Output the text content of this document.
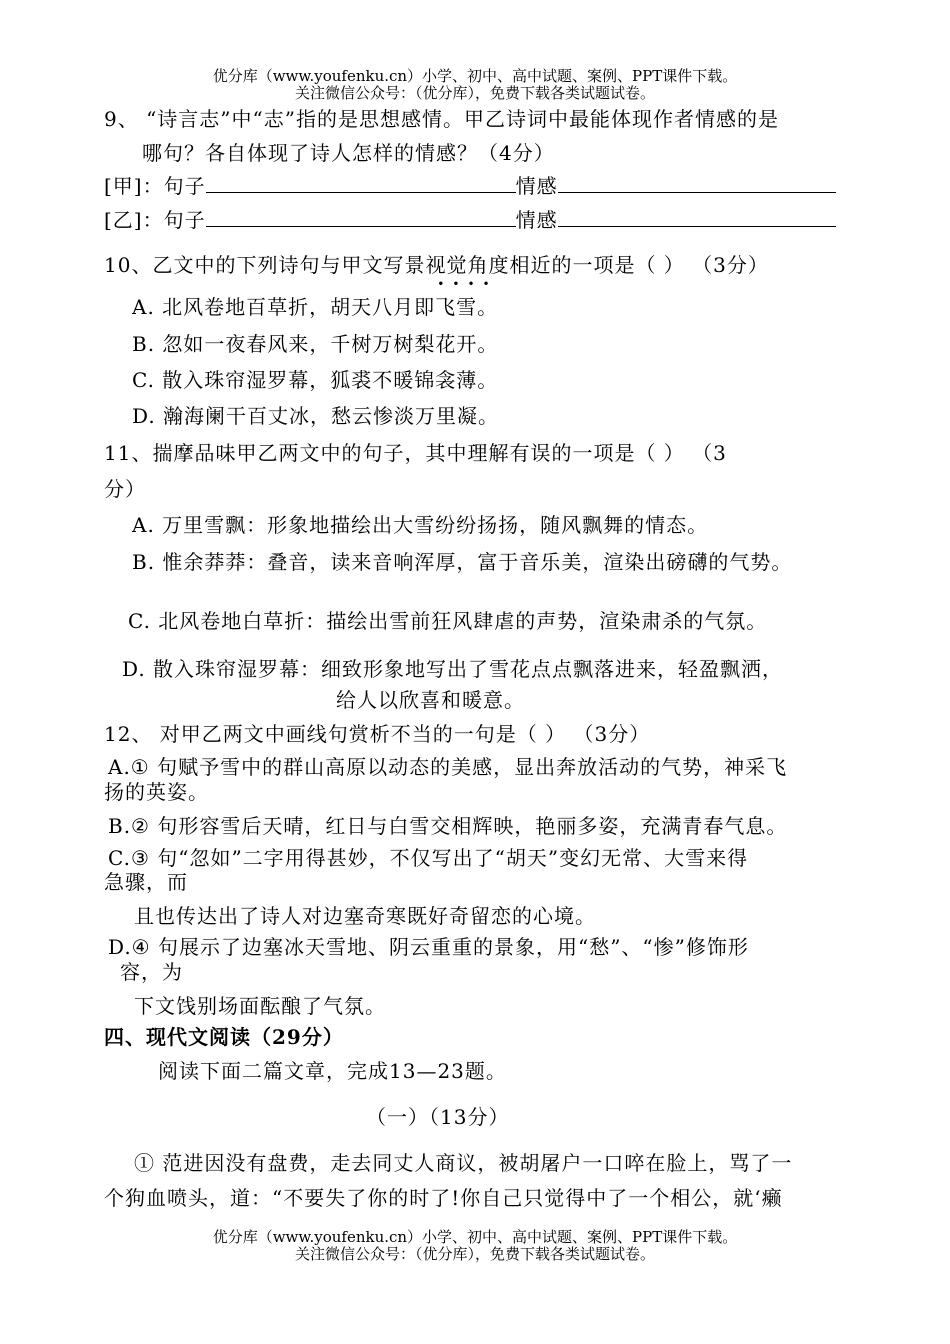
优分库（www.youfenku.cn）小学、初中、高中试题、案例、PPT课件下载。
关注微信公众号：（优分库），免费下载各类试题试卷。
9、 “诗言志”中“志”指的是思想感情。甲乙诗词中最能体现作者情感的是
哪句？各自体现了诗人怎样的情感？（4分）
[甲]：句子	情感
[乙]：句子	情感
10、乙文中的下列诗句与甲文写景视觉角度
••••
相近的一项是（ ） （3分）
A. 北风卷地百草折，胡天八月即飞雪。
B. 忽如一夜春风来，千树万树梨花开。
C. 散入珠帘湿罗幕，狐裘不暖锦衾薄。
D. 瀚海阑干百丈冰，愁云惨淡万里凝。
11、揣摩品味甲乙两文中的句子，其中理解有误的一项是（ ） （3
分）
A. 万里雪飘：形象地描绘出大雪纷纷扬扬，随风飘舞的情态。
B. 惟余莽莽：叠音，读来音响浑厚，富于音乐美，渲染出磅礴的气势。
C. 北风卷地白草折：描绘出雪前狂风肆虐的声势，渲染肃杀的气氛。
D. 散入珠帘湿罗幕：细致形象地写出了雪花点点飘落进来，轻盈飘洒，
给人以欣喜和暖意。
12、 对甲乙两文中画线句赏析不当的一句是（ ） （3分）
A.① 句赋予雪中的群山高原以动态的美感，显出奔放活动的气势，神采飞
扬的英姿。
B.② 句形容雪后天晴，红日与白雪交相辉映，艳丽多姿，充满青春气息。
C.③ 句“忽如”二字用得甚妙，不仅写出了“胡天”变幻无常、大雪来得
急骤，而
且也传达出了诗人对边塞奇寒既好奇留恋的心境。
D.④ 句展示了边塞冰天雪地、阴云重重的景象，用“愁”、“惨”修饰形
容，为
下文饯别场面酝酿了气氛。
四、现代文阅读（29分）
阅读下面二篇文章，完成13—23题。
（一）（13分）
① 范进因没有盘费，走去同丈人商议，被胡屠户一口啐在脸上，骂了一
个狗血喷头，道：“不要失了你的时了!你自己只觉得中了一个相公，就‘癞
优分库（www.youfenku.cn）小学、初中、高中试题、案例、PPT课件下载。
关注微信公众号：（优分库），免费下载各类试题试卷。
